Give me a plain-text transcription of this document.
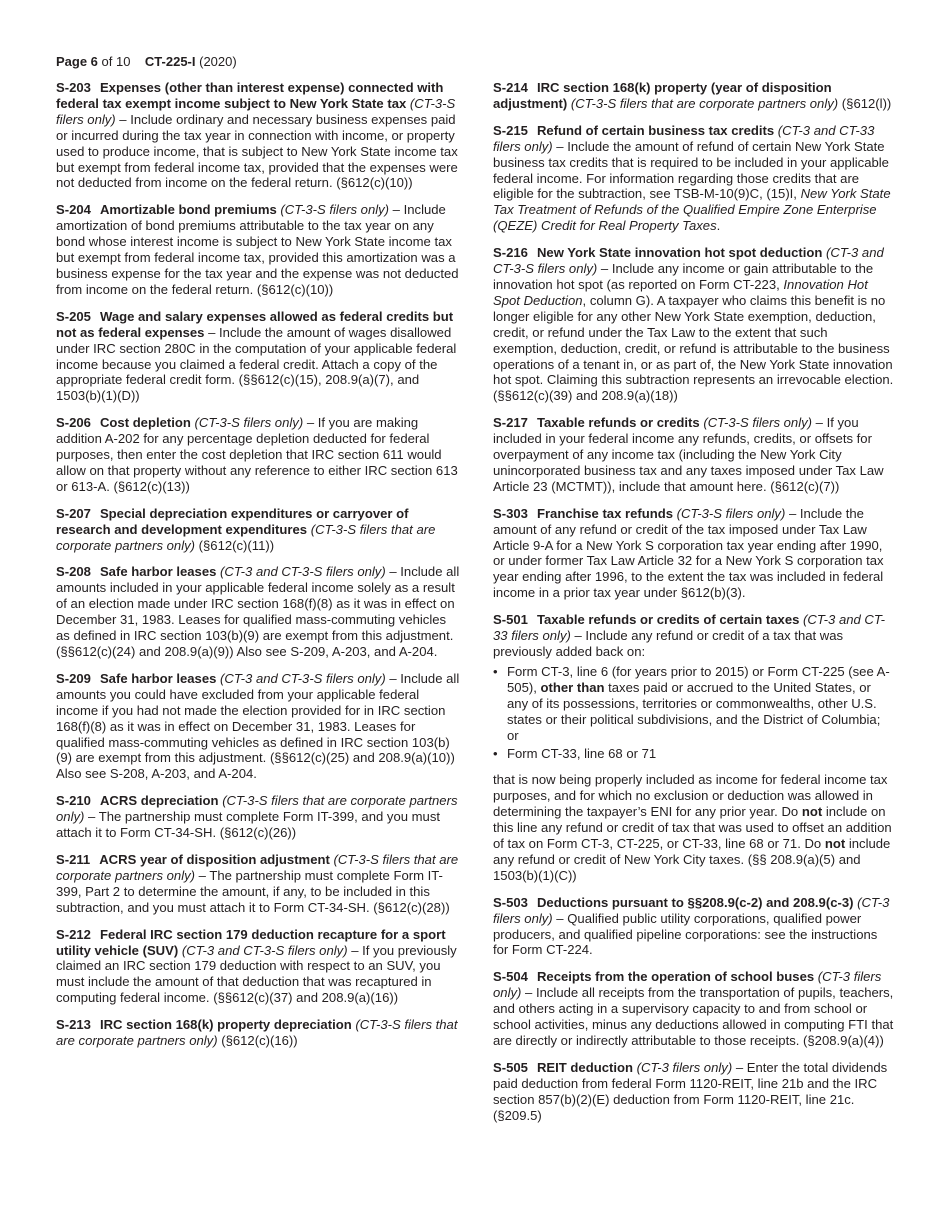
Page 6 of 10 CT-225-I (2020)

S-203 Expenses (other than interest expense) connected with federal tax exempt income subject to New York State tax (CT-3-S filers only) – Include ordinary and necessary business expenses paid or incurred during the tax year in connection with income, or property used to produce income, that is subject to New York State income tax but exempt from federal income tax, provided that the expenses were not deducted from income on the federal return. (§612(c)(10))

S-204 Amortizable bond premiums (CT-3-S filers only) – Include amortization of bond premiums attributable to the tax year on any bond whose interest income is subject to New York State income tax but exempt from federal income tax, provided this amortization was a business expense for the tax year and the expense was not deducted from income on the federal return. (§612(c)(10))

S-205 Wage and salary expenses allowed as federal credits but not as federal expenses – Include the amount of wages disallowed under IRC section 280C in the computation of your applicable federal income because you claimed a federal credit. Attach a copy of the appropriate federal credit form. (§§612(c)(15), 208.9(a)(7), and 1503(b)(1)(D))

S-206 Cost depletion (CT-3-S filers only) – If you are making addition A-202 for any percentage depletion deducted for federal purposes, then enter the cost depletion that IRC section 611 would allow on that property without any reference to either IRC section 613 or 613-A. (§612(c)(13))

S-207 Special depreciation expenditures or carryover of research and development expenditures (CT-3-S filers that are corporate partners only) (§612(c)(11))

S-208 Safe harbor leases (CT-3 and CT-3-S filers only) – Include all amounts included in your applicable federal income solely as a result of an election made under IRC section 168(f)(8) as it was in effect on December 31, 1983. Leases for qualified mass-commuting vehicles as defined in IRC section 103(b)(9) are exempt from this adjustment. (§§612(c)(24) and 208.9(a)(9)) Also see S-209, A-203, and A-204.

S-209 Safe harbor leases (CT-3 and CT-3-S filers only) – Include all amounts you could have excluded from your applicable federal income if you had not made the election provided for in IRC section 168(f)(8) as it was in effect on December 31, 1983. Leases for qualified mass-commuting vehicles as defined in IRC section 103(b)(9) are exempt from this adjustment. (§§612(c)(25) and 208.9(a)(10)) Also see S-208, A-203, and A-204.

S-210 ACRS depreciation (CT-3-S filers that are corporate partners only) – The partnership must complete Form IT-399, and you must attach it to Form CT-34-SH. (§612(c)(26))

S-211 ACRS year of disposition adjustment (CT-3-S filers that are corporate partners only) – The partnership must complete Form IT-399, Part 2 to determine the amount, if any, to be included in this subtraction, and you must attach it to Form CT-34-SH. (§612(c)(28))

S-212 Federal IRC section 179 deduction recapture for a sport utility vehicle (SUV) (CT-3 and CT-3-S filers only) – If you previously claimed an IRC section 179 deduction with respect to an SUV, you must include the amount of that deduction that was recaptured in computing federal income. (§§612(c)(37) and 208.9(a)(16))

S-213 IRC section 168(k) property depreciation (CT-3-S filers that are corporate partners only) (§612(c)(16))

S-214 IRC section 168(k) property (year of disposition adjustment) (CT-3-S filers that are corporate partners only) (§612(l))

S-215 Refund of certain business tax credits (CT-3 and CT-33 filers only) – Include the amount of refund of certain New York State business tax credits that is required to be included in your applicable federal income. For information regarding those credits that are eligible for the subtraction, see TSB-M-10(9)C, (15)I, New York State Tax Treatment of Refunds of the Qualified Empire Zone Enterprise (QEZE) Credit for Real Property Taxes.

S-216 New York State innovation hot spot deduction (CT-3 and CT-3-S filers only) – Include any income or gain attributable to the innovation hot spot (as reported on Form CT-223, Innovation Hot Spot Deduction, column G). A taxpayer who claims this benefit is no longer eligible for any other New York State exemption, deduction, credit, or refund under the Tax Law to the extent that such exemption, deduction, credit, or refund is attributable to the business operations of a tenant in, or as part of, the New York State innovation hot spot. Claiming this subtraction represents an irrevocable election. (§§612(c)(39) and 208.9(a)(18))

S-217 Taxable refunds or credits (CT-3-S filers only) – If you included in your federal income any refunds, credits, or offsets for overpayment of any income tax (including the New York City unincorporated business tax and any taxes imposed under Tax Law Article 23 (MCTMT)), include that amount here. (§612(c)(7))

S-303 Franchise tax refunds (CT-3-S filers only) – Include the amount of any refund or credit of the tax imposed under Tax Law Article 9-A for a New York S corporation tax year ending after 1990, or under former Tax Law Article 32 for a New York S corporation tax year ending after 1996, to the extent the tax was included in federal income in a prior tax year under §612(b)(3).

S-501 Taxable refunds or credits of certain taxes (CT-3 and CT-33 filers only) – Include any refund or credit of a tax that was previously added back on:

• Form CT-3, line 6 (for years prior to 2015) or Form CT-225 (see A-505), other than taxes paid or accrued to the United States, or any of its possessions, territories or commonwealths, other U.S. states or their political subdivisions, and the District of Columbia; or
• Form CT-33, line 68 or 71

that is now being properly included as income for federal income tax purposes, and for which no exclusion or deduction was allowed in determining the taxpayer’s ENI for any prior year. Do not include on this line any refund or credit of tax that was used to offset an addition of tax on Form CT-3, CT-225, or CT-33, line 68 or 71. Do not include any refund or credit of New York City taxes. (§§ 208.9(a)(5) and 1503(b)(1)(C))

S-503 Deductions pursuant to §§208.9(c-2) and 208.9(c-3) (CT-3 filers only) – Qualified public utility corporations, qualified power producers, and qualified pipeline corporations: see the instructions for Form CT-224.

S-504 Receipts from the operation of school buses (CT-3 filers only) – Include all receipts from the transportation of pupils, teachers, and others acting in a supervisory capacity to and from school or school activities, minus any deductions allowed in computing FTI that are directly or indirectly attributable to those receipts. (§208.9(a)(4))

S-505 REIT deduction (CT-3 filers only) – Enter the total dividends paid deduction from federal Form 1120-REIT, line 21b and the IRC section 857(b)(2)(E) deduction from Form 1120-REIT, line 21c. (§209.5)
